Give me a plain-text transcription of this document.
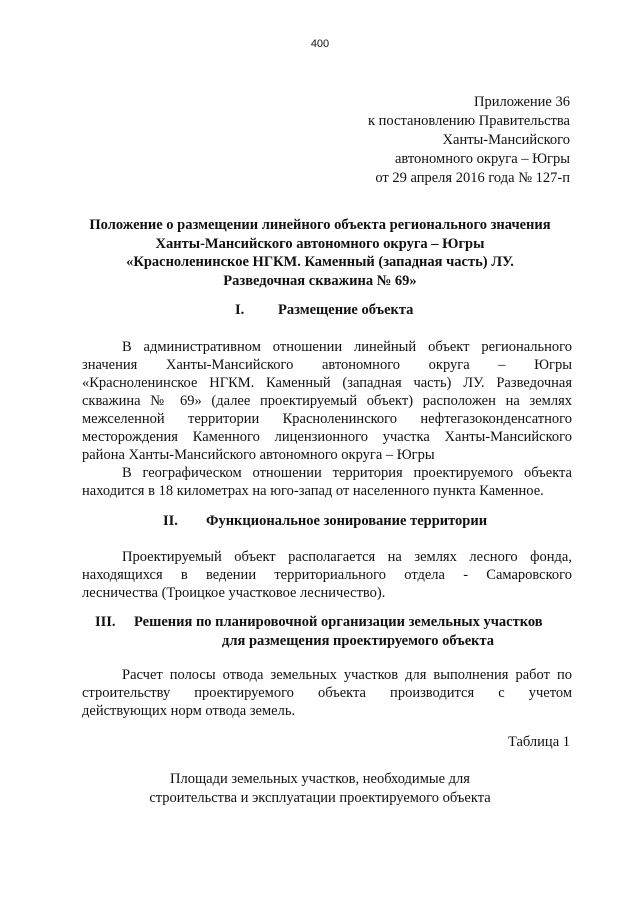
400
Приложение 36
к постановлению Правительства
Ханты-Мансийского
автономного округа – Югры
от 29 апреля 2016 года № 127-п
Положение о размещении линейного объекта регионального значения
Ханты-Мансийского автономного округа – Югры
«Красноленинское НГКМ. Каменный (западная часть) ЛУ.
Разведочная скважина № 69»
I. Размещение объекта
В административном отношении линейный объект регионального
значения Ханты-Мансийского автономного округа – Югры
«Красноленинское НГКМ. Каменный (западная часть) ЛУ. Разведочная
скважина № 69» (далее проектируемый объект) расположен на землях
межселенной территории Красноленинского нефтегазоконденсатного
месторождения Каменного лицензионного участка Ханты-Мансийского
района Ханты-Мансийского автономного округа – Югры
В географическом отношении территория проектируемого объекта
находится в 18 километрах на юго-запад от населенного пункта Каменное.
II. Функциональное зонирование территории
Проектируемый объект располагается на землях лесного фонда,
находящихся в ведении территориального отдела - Самаровского
лесничества (Троицкое участковое лесничество).
III. Решения по планировочной организации земельных участков
для размещения проектируемого объекта
Расчет полосы отвода земельных участков для выполнения работ по
строительству проектируемого объекта производится с учетом
действующих норм отвода земель.
Таблица 1
Площади земельных участков, необходимые для
строительства и эксплуатации проектируемого объекта
